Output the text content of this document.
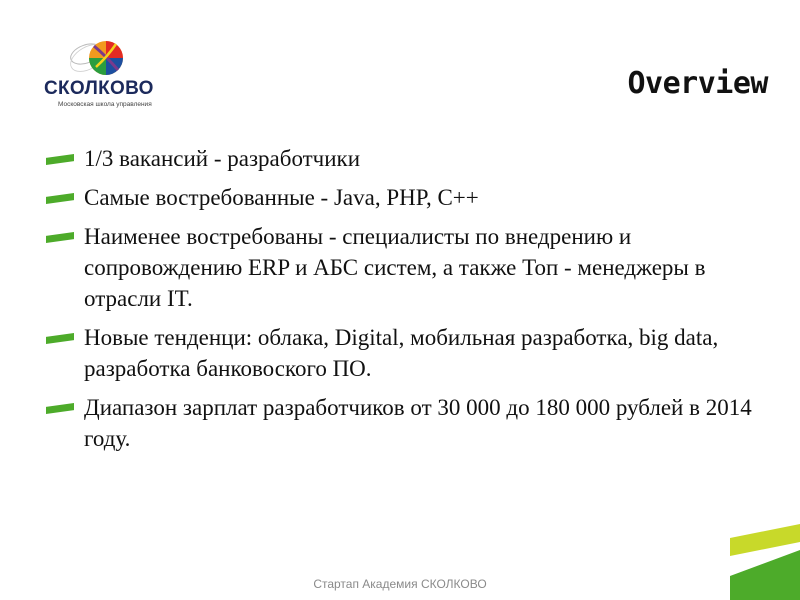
СКОЛКОВО
Московская школа управления
Overview
1/3 вакансий - разработчики
Самые востребованные - Java, PHP, C++
Наименее востребованы - специалисты по внедрению и сопровождению ERP и АБС систем, а также Топ - менеджеры в отрасли IT.
Новые тенденци: облака, Digital, мобильная разработка, big data, разработка банковоского ПО.
Диапазон зарплат разработчиков от 30 000 до 180 000 рублей в 2014 году.
Стартап Академия СКОЛКОВО
